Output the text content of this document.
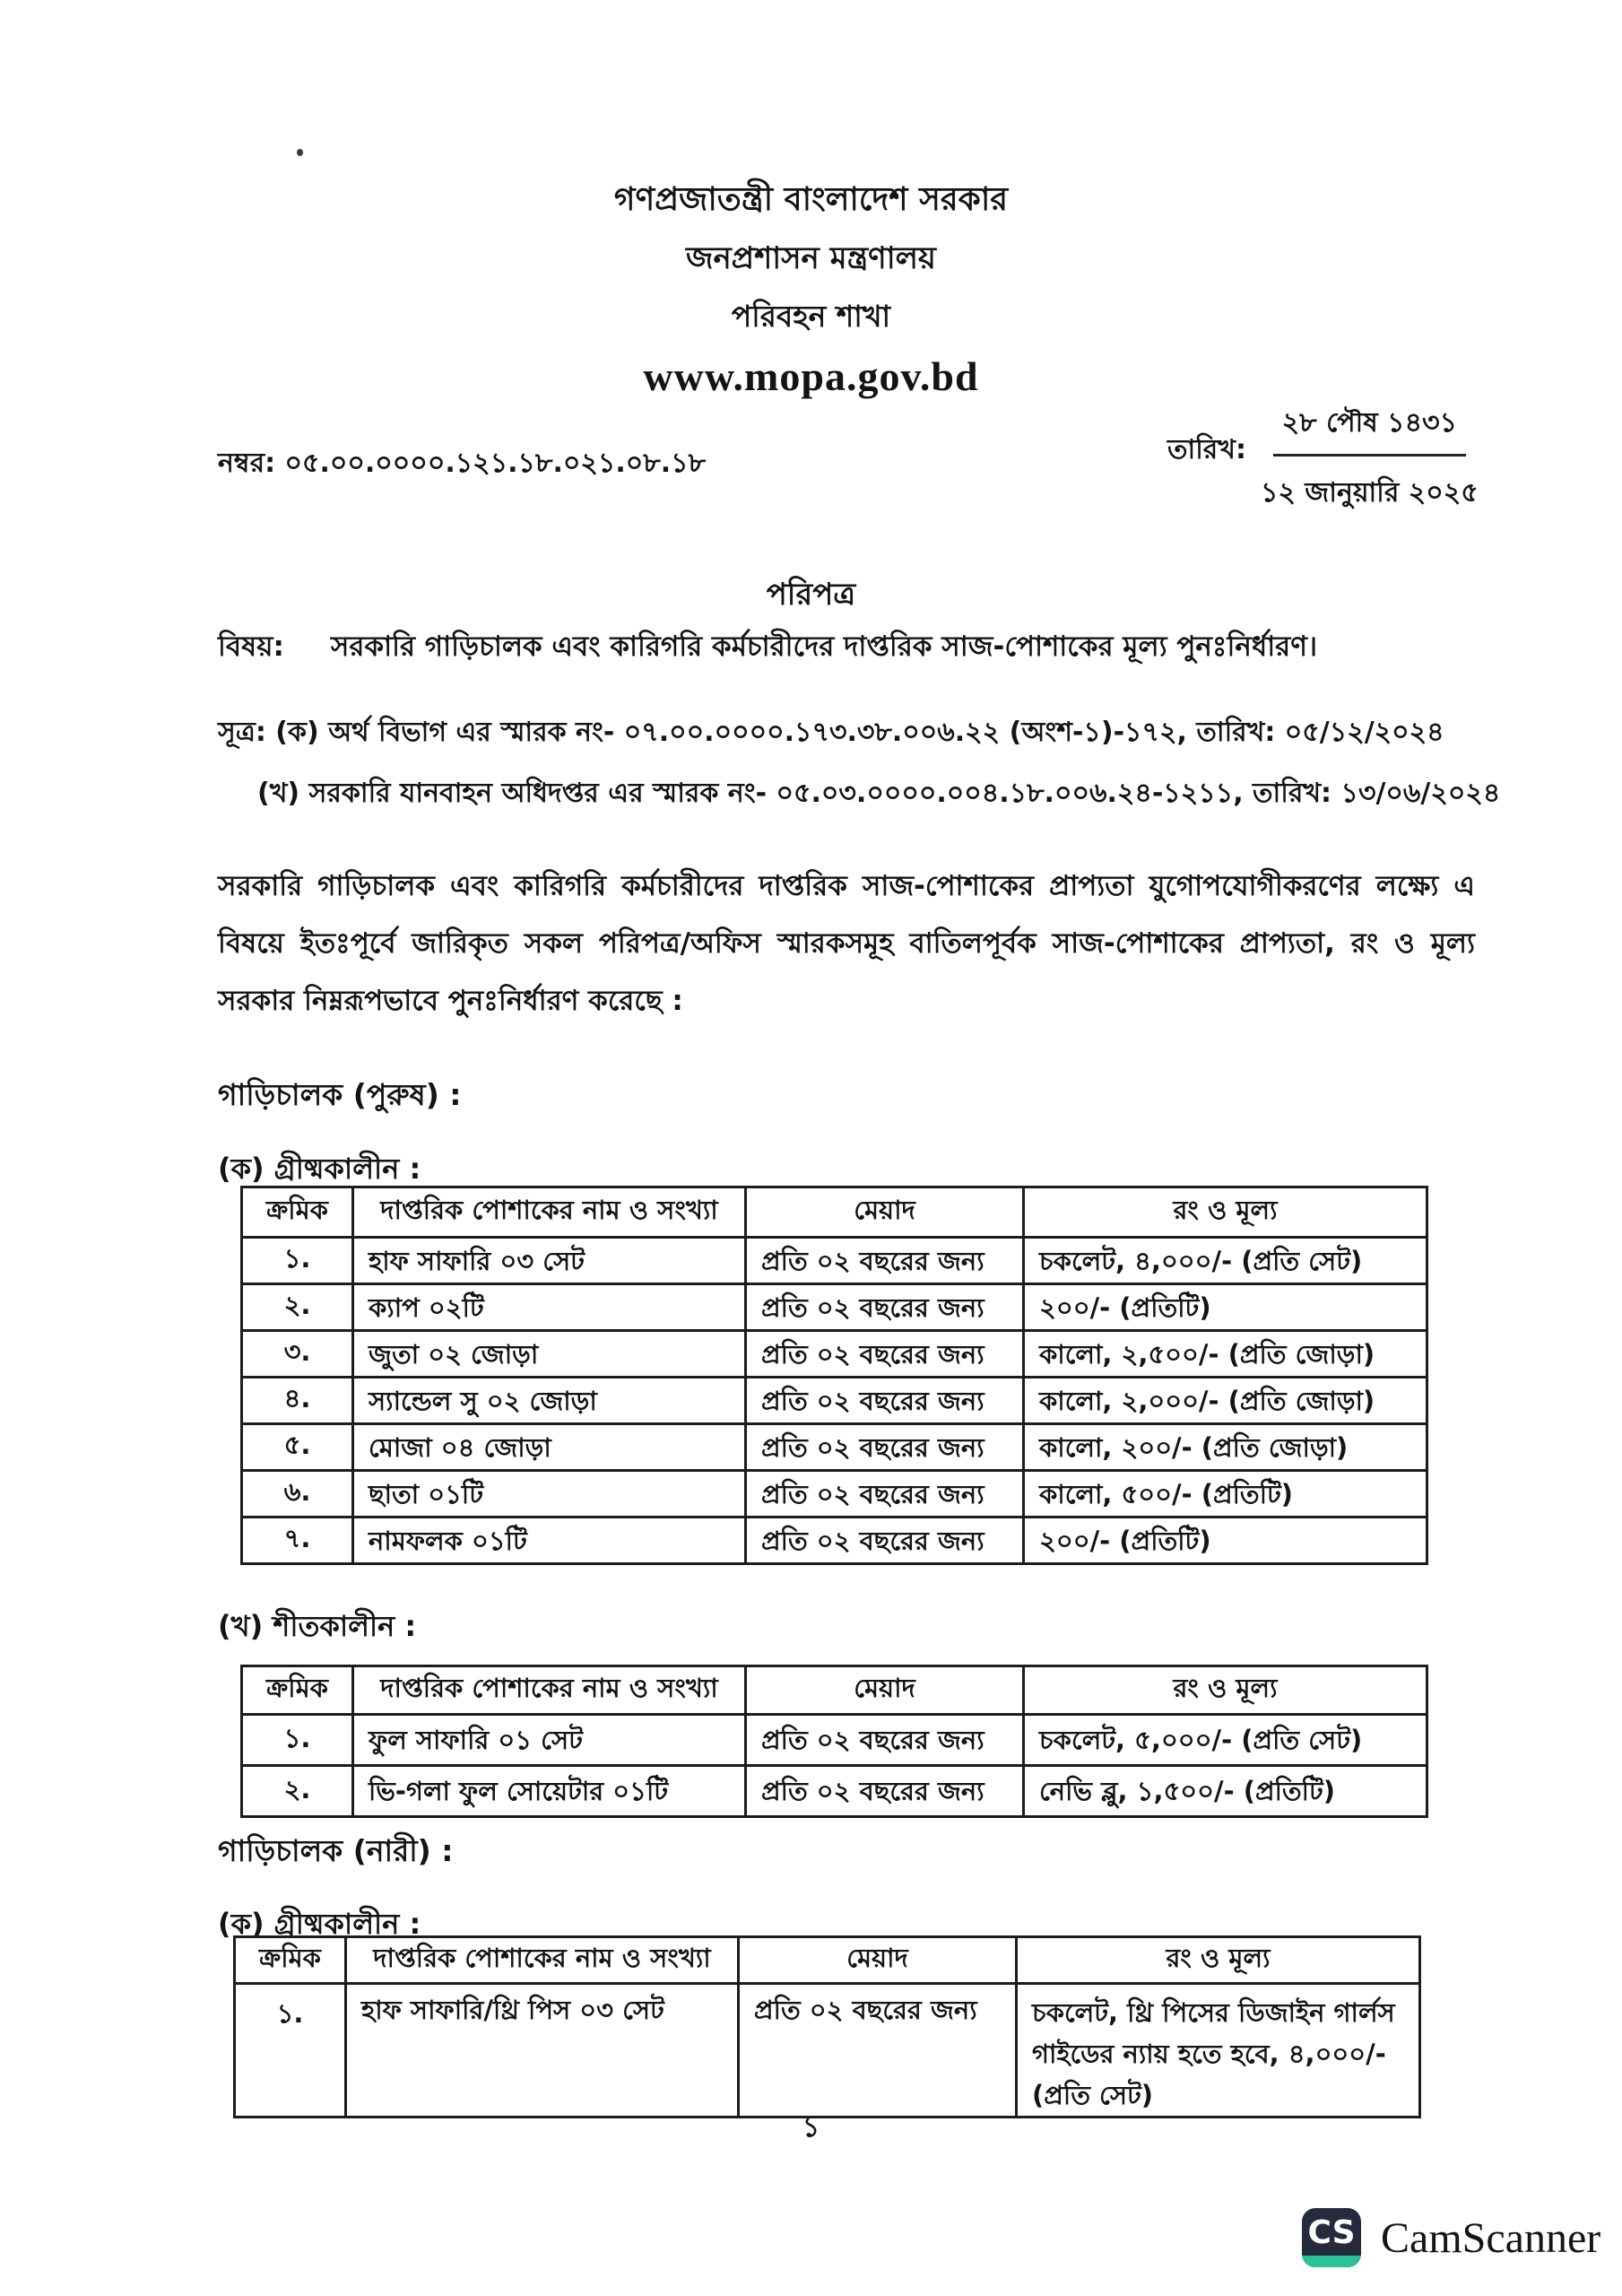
গণপ্রজাতন্ত্রী বাংলাদেশ সরকার
জনপ্রশাসন মন্ত্রণালয়
পরিবহন শাখা
www.mopa.gov.bd
নম্বর: ০৫.০০.০০০০.১২১.১৮.০২১.০৮.১৮	তারিখ:
২৮ পৌষ ১৪৩১
১২ জানুয়ারি ২০২৫
পরিপত্র
বিষয়: সরকারি গাড়িচালক এবং কারিগরি কর্মচারীদের দাপ্তরিক সাজ-পোশাকের মূল্য পুনঃনির্ধারণ।
সূত্র: (ক) অর্থ বিভাগ এর স্মারক নং- ০৭.০০.০০০০.১৭৩.৩৮.০০৬.২২ (অংশ-১)-১৭২, তারিখ: ০৫/১২/২০২৪
(খ) সরকারি যানবাহন অধিদপ্তর এর স্মারক নং- ০৫.০৩.০০০০.০০৪.১৮.০০৬.২৪-১২১১, তারিখ: ১৩/০৬/২০২৪
সরকারি গাড়িচালক এবং কারিগরি কর্মচারীদের দাপ্তরিক সাজ-পোশাকের প্রাপ্যতা যুগোপযোগীকরণের লক্ষ্যে এ বিষয়ে ইতঃপূর্বে জারিকৃত সকল পরিপত্র/অফিস স্মারকসমূহ বাতিলপূর্বক সাজ-পোশাকের প্রাপ্যতা, রং ও মূল্য সরকার নিম্নরূপভাবে পুনঃনির্ধারণ করেছে :
গাড়িচালক (পুরুষ) :
(ক) গ্রীষ্মকালীন :
ক্রমিক	দাপ্তরিক পোশাকের নাম ও সংখ্যা	মেয়াদ	রং ও মূল্য
১.	হাফ সাফারি ০৩ সেট	প্রতি ০২ বছরের জন্য	চকলেট, ৪,০০০/- (প্রতি সেট)
২.	ক্যাপ ০২টি	প্রতি ০২ বছরের জন্য	২০০/- (প্রতিটি)
৩.	জুতা ০২ জোড়া	প্রতি ০২ বছরের জন্য	কালো, ২,৫০০/- (প্রতি জোড়া)
৪.	স্যান্ডেল সু ০২ জোড়া	প্রতি ০২ বছরের জন্য	কালো, ২,০০০/- (প্রতি জোড়া)
৫.	মোজা ০৪ জোড়া	প্রতি ০২ বছরের জন্য	কালো, ২০০/- (প্রতি জোড়া)
৬.	ছাতা ০১টি	প্রতি ০২ বছরের জন্য	কালো, ৫০০/- (প্রতিটি)
৭.	নামফলক ০১টি	প্রতি ০২ বছরের জন্য	২০০/- (প্রতিটি)
(খ) শীতকালীন :
ক্রমিক	দাপ্তরিক পোশাকের নাম ও সংখ্যা	মেয়াদ	রং ও মূল্য
১.	ফুল সাফারি ০১ সেট	প্রতি ০২ বছরের জন্য	চকলেট, ৫,০০০/- (প্রতি সেট)
২.	ভি-গলা ফুল সোয়েটার ০১টি	প্রতি ০২ বছরের জন্য	নেভি ব্লু, ১,৫০০/- (প্রতিটি)
গাড়িচালক (নারী) :
(ক) গ্রীষ্মকালীন :
ক্রমিক	দাপ্তরিক পোশাকের নাম ও সংখ্যা	মেয়াদ	রং ও মূল্য
১.	হাফ সাফারি/থ্রি পিস ০৩ সেট	প্রতি ০২ বছরের জন্য	চকলেট, থ্রি পিসের ডিজাইন গার্লস গাইডের ন্যায় হতে হবে, ৪,০০০/- (প্রতি সেট)
১
CS CamScanner
